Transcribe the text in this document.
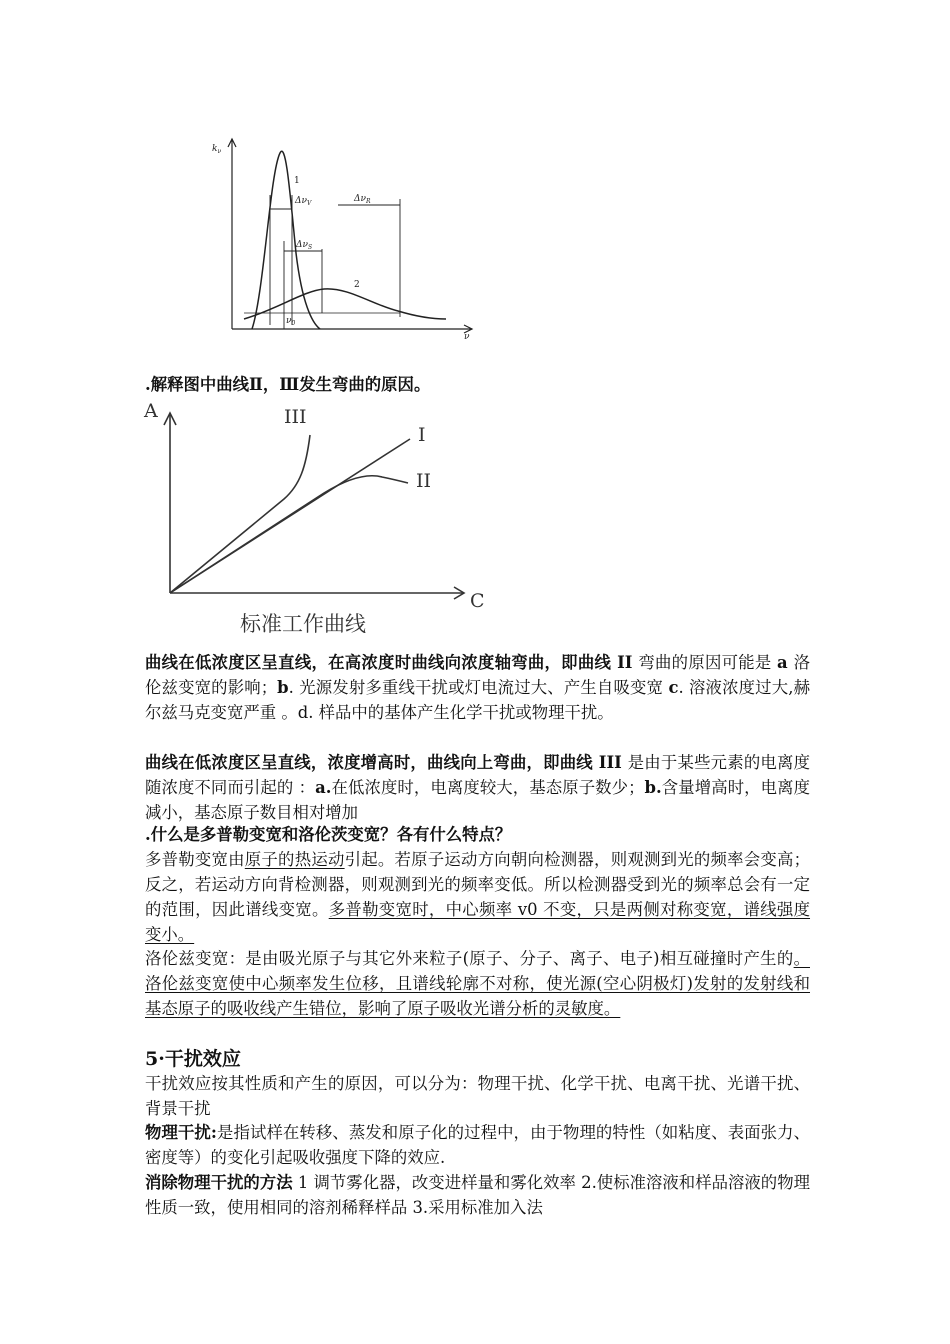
$k_\nu$
ν
1
2
$\Delta\nu_V$	$\Delta\nu_R$
$\Delta\nu_S$
$\nu_0$
.解释图中曲线Ⅱ，Ⅲ发生弯曲的原因。
A
C
I
II
III
标准工作曲线
曲线在低浓度区呈直线，在高浓度时曲线向浓度轴弯曲，即曲线 II 弯曲的原因可能是 a 洛伦兹变宽的影响；b. 光源发射多重线干扰或灯电流过大、产生自吸变宽 c. 溶液浓度过大,赫尔兹马克变宽严重 。d. 样品中的基体产生化学干扰或物理干扰。
曲线在低浓度区呈直线，浓度增高时，曲线向上弯曲，即曲线 III 是由于某些元素的电离度随浓度不同而引起的 ：a.在低浓度时，电离度较大，基态原子数少；b.含量增高时，电离度减小，基态原子数目相对增加
.什么是多普勒变宽和洛伦茨变宽？各有什么特点？
多普勒变宽由原子的热运动引起。若原子运动方向朝向检测器，则观测到光的频率会变高；反之，若运动方向背检测器，则观测到光的频率变低。所以检测器受到光的频率总会有一定的范围，因此谱线变宽。多普勒变宽时，中心频率 v0 不变，只是两侧对称变宽，谱线强度变小。
洛伦兹变宽：是由吸光原子与其它外来粒子(原子、分子、离子、电子)相互碰撞时产生的。洛伦兹变宽使中心频率发生位移，且谱线轮廓不对称，使光源(空心阴极灯)发射的发射线和基态原子的吸收线产生错位，影响了原子吸收光谱分析的灵敏度。
5·干扰效应
干扰效应按其性质和产生的原因，可以分为：物理干扰、化学干扰、电离干扰、光谱干扰、背景干扰
物理干扰:是指试样在转移、蒸发和原子化的过程中，由于物理的特性（如粘度、表面张力、密度等）的变化引起吸收强度下降的效应.
消除物理干扰的方法 1 调节雾化器，改变进样量和雾化效率 2.使标准溶液和样品溶液的物理性质一致，使用相同的溶剂稀释样品 3.采用标准加入法
